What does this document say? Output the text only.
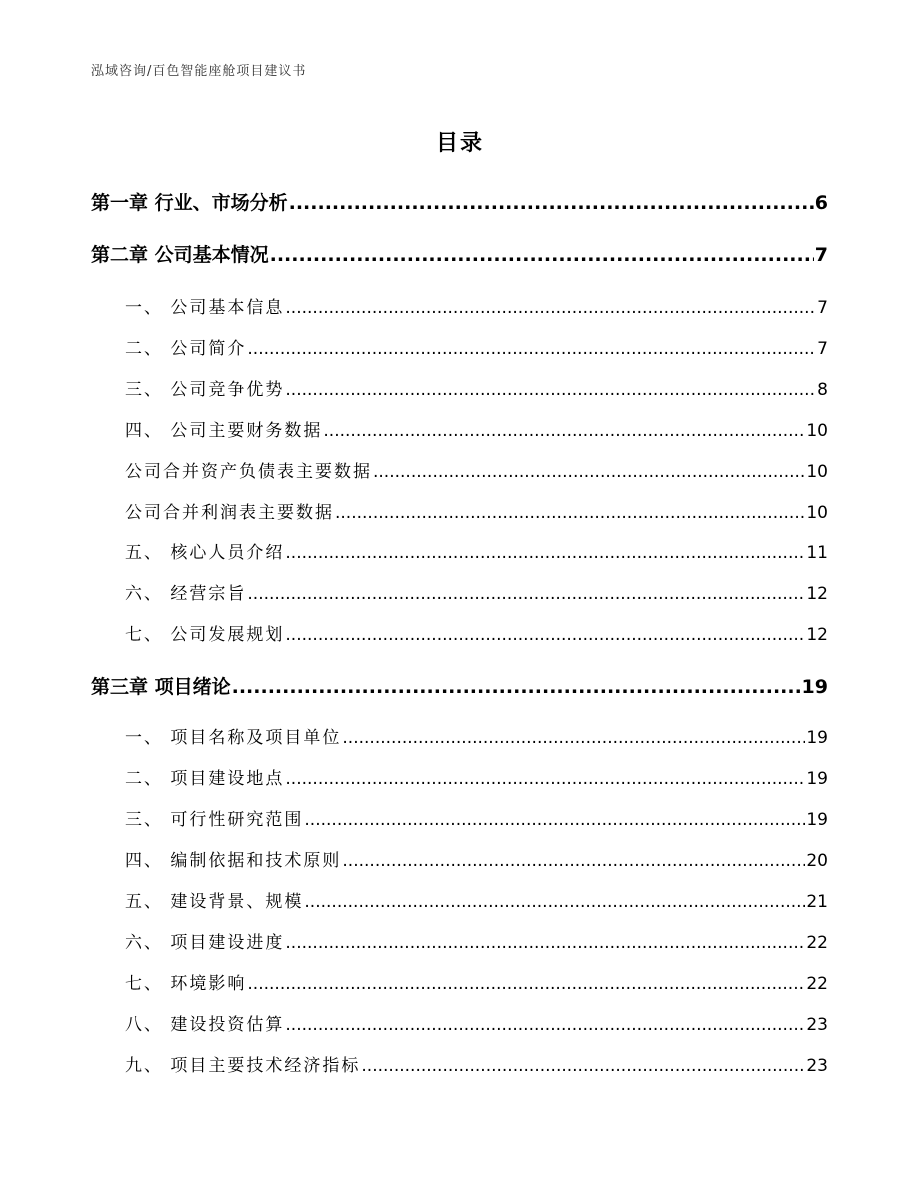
泓域咨询/百色智能座舱项目建议书
目录
第一章 行业、市场分析 .....	6
第二章 公司基本情况 .....	7
一、 公司基本信息 .....	7
二、 公司简介 .....	7
三、 公司竞争优势 .....	8
四、 公司主要财务数据 .....	10
公司合并资产负债表主要数据 .....	10
公司合并利润表主要数据 .....	10
五、 核心人员介绍 .....	11
六、 经营宗旨 .....	12
七、 公司发展规划 .....	12
第三章 项目绪论 .....	19
一、 项目名称及项目单位 .....	19
二、 项目建设地点 .....	19
三、 可行性研究范围 .....	19
四、 编制依据和技术原则 .....	20
五、 建设背景、规模 .....	21
六、 项目建设进度 .....	22
七、 环境影响 .....	22
八、 建设投资估算 .....	23
九、 项目主要技术经济指标 .....	23
